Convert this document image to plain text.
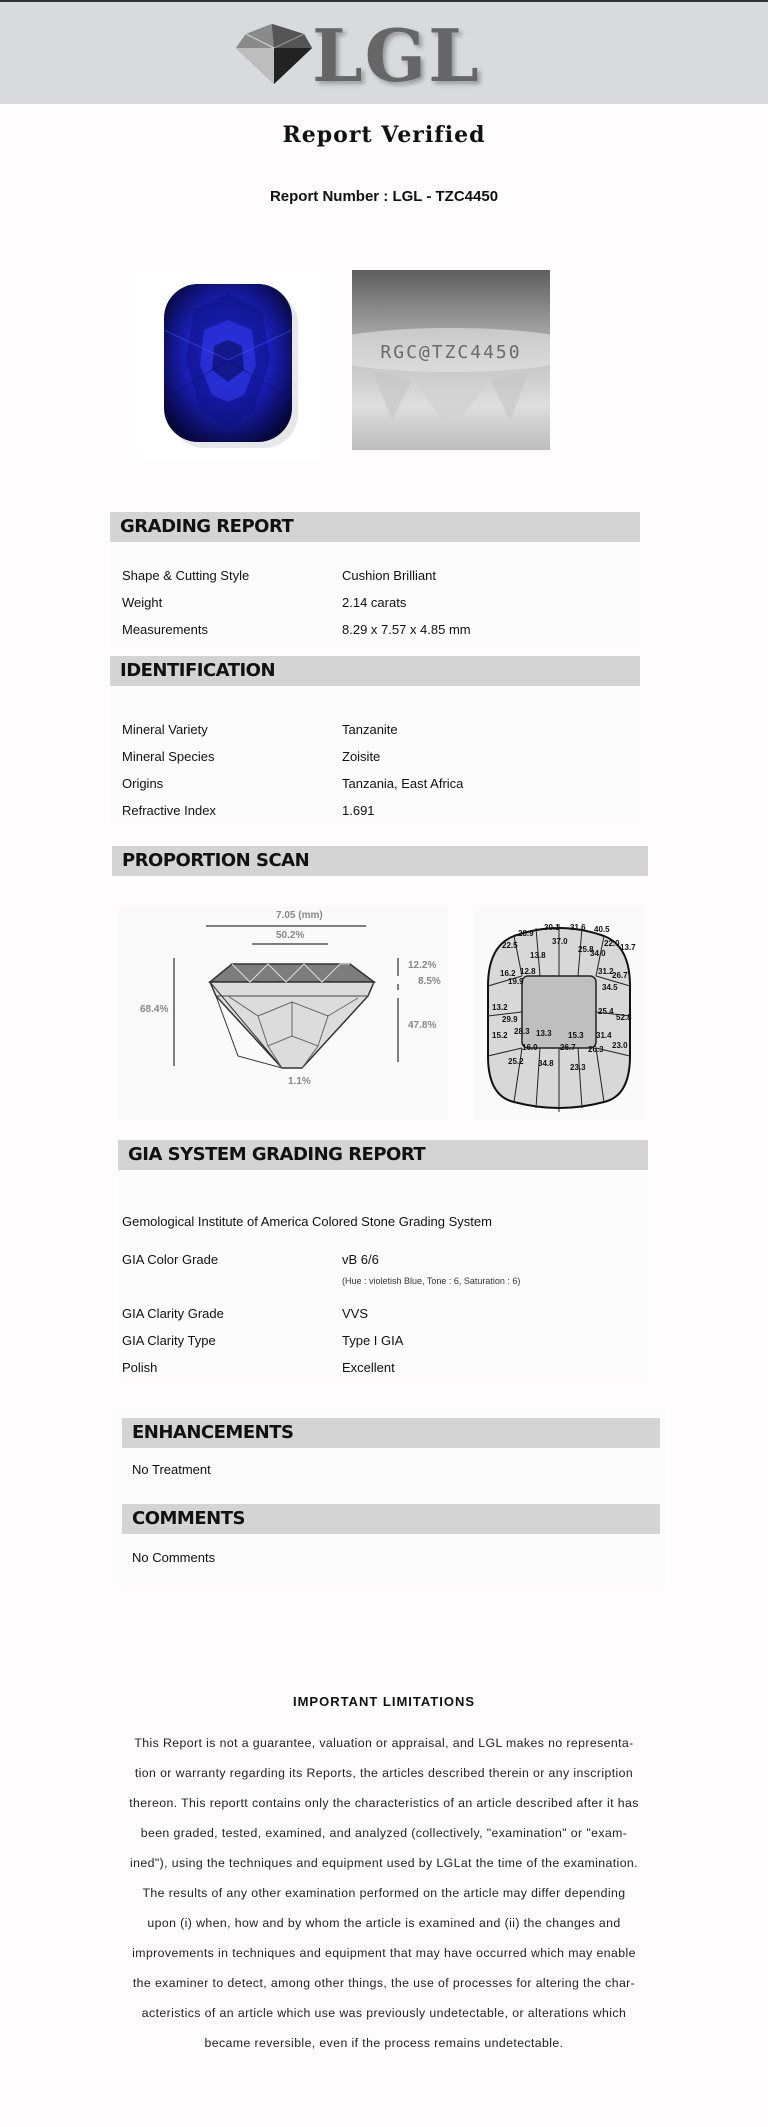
LGL
Report Verified
Report Number : LGL - TZC4450
RGC@TZC4450
GRADING REPORT
Shape & Cutting Style	Cushion Brilliant
Weight	2.14 carats
Measurements	8.29 x 7.57 x 4.85 mm
IDENTIFICATION
Mineral Variety	Tanzanite
Mineral Species	Zoisite
Origins	Tanzania, East Africa
Refractive Index	1.691
PROPORTION SCAN
7.05 (mm)
50.2%
68.4%
12.2%
8.5%
47.8%
1.1%
28.9
30.1 31.6 40.5
22.5	37.0	22.0 13.7
13.8
25.8
34.0
16.2 12.8	31.2
26.7
19.9
34.5
13.2	25.4
29.9	52.8
15.2	31.4
28.3 13.3 15.3
23.0
16.0	26.7 26.3
25.2 34.8 23.3
GIA SYSTEM GRADING REPORT
Gemological Institute of America Colored Stone Grading System
GIA Color Grade	vB 6/6
(Hue : violetish Blue, Tone : 6, Saturation : 6)
GIA Clarity Grade	VVS
GIA Clarity Type	Type I GIA
Polish	Excellent
ENHANCEMENTS
No Treatment
COMMENTS
No Comments
IMPORTANT LIMITATIONS
This Report is not a guarantee, valuation or appraisal, and LGL makes no representa-
tion or warranty regarding its Reports, the articles described therein or any inscription
thereon. This reportt contains only the characteristics of an article described after it has
been graded, tested, examined, and analyzed (collectively, "examination" or "exam-
ined"), using the techniques and equipment used by LGLat the time of the examination.
The results of any other examination performed on the article may differ depending
upon (i) when, how and by whom the article is examined and (ii) the changes and
improvements in techniques and equipment that may have occurred which may enable
the examiner to detect, among other things, the use of processes for altering the char-
acteristics of an article which use was previously undetectable, or alterations which
became reversible, even if the process remains undetectable.
